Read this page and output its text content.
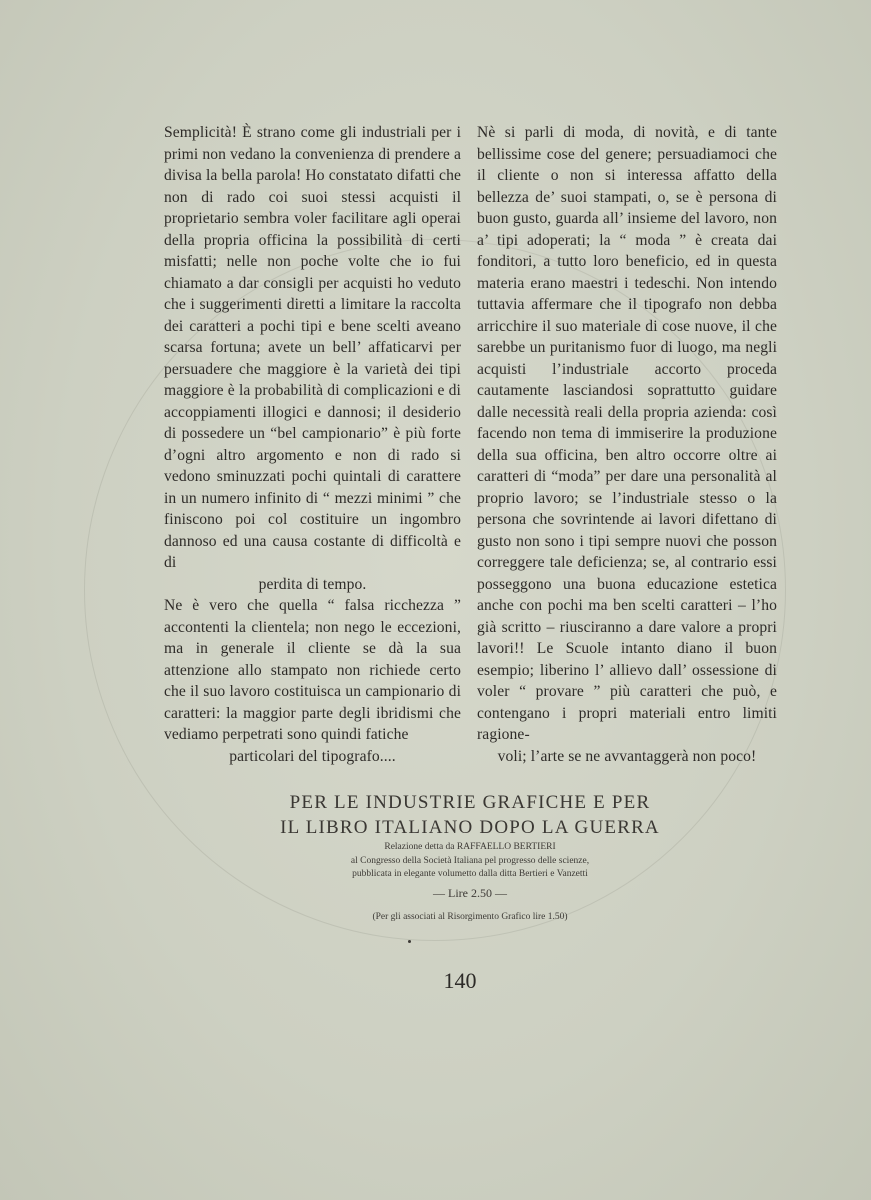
Semplicità! È strano come gli industriali per i primi non vedano la convenienza di prendere a divisa la bella parola! Ho constatato difatti che non di rado coi suoi stessi acquisti il proprietario sembra voler facilitare agli operai della propria officina la possibilità di certi misfatti; nelle non poche volte che io fui chiamato a dar consigli per acquisti ho veduto che i suggerimenti diretti a limitare la raccolta dei caratteri a pochi tipi e bene scelti aveano scarsa fortuna; avete un bell’ affaticarvi per persuadere che maggiore è la varietà dei tipi maggiore è la probabilità di complicazioni e di accoppiamenti illogici e dannosi; il desiderio di possedere un “bel campionario” è più forte d’ogni altro argomento e non di rado si vedono sminuzzati pochi quintali di carattere in un numero infinito di “ mezzi minimi ” che finiscono poi col costituire un ingombro dannoso ed una causa costante di difficoltà e di

perdita di tempo.

Ne è vero che quella “ falsa ricchezza ” accontenti la clientela; non nego le eccezioni, ma in generale il cliente se dà la sua attenzione allo stampato non richiede certo che il suo lavoro costituisca un campionario di caratteri: la maggior parte degli ibridismi che vediamo perpetrati sono quindi fatiche

particolari del tipografo....

Nè si parli di moda, di novità, e di tante bellissime cose del genere; persuadiamoci che il cliente o non si interessa affatto della bellezza de’ suoi stampati, o, se è persona di buon gusto, guarda all’ insieme del lavoro, non a’ tipi adoperati; la “ moda ” è creata dai fonditori, a tutto loro beneficio, ed in questa materia erano maestri i tedeschi. Non intendo tuttavia affermare che il tipografo non debba arricchire il suo materiale di cose nuove, il che sarebbe un puritanismo fuor di luogo, ma negli acquisti l’industriale accorto proceda cautamente lasciandosi soprattutto guidare dalle necessità reali della propria azienda: così facendo non tema di immiserire la produzione della sua officina, ben altro occorre oltre ai caratteri di “moda” per dare una personalità al proprio lavoro; se l’industriale stesso o la persona che sovrintende ai lavori difettano di gusto non sono i tipi sempre nuovi che posson correggere tale deficienza; se, al contrario essi posseggono una buona educazione estetica anche con pochi ma ben scelti caratteri – l’ho già scritto – riusciranno a dare valore a propri lavori!! Le Scuole intanto diano il buon esempio; liberino l’ allievo dall’ ossessione di voler “ provare ” più caratteri che può, e contengano i propri materiali entro limiti ragione-

voli; l’arte se ne avvantaggerà non poco!

PER LE INDUSTRIE GRAFICHE E PER
IL LIBRO ITALIANO DOPO LA GUERRA
Relazione detta da RAFFAELLO BERTIERI
al Congresso della Società Italiana pel progresso delle scienze,
pubblicata in elegante volumetto dalla ditta Bertieri e Vanzetti
— Lire 2.50 —
(Per gli associati al Risorgimento Grafico lire 1.50)
140
